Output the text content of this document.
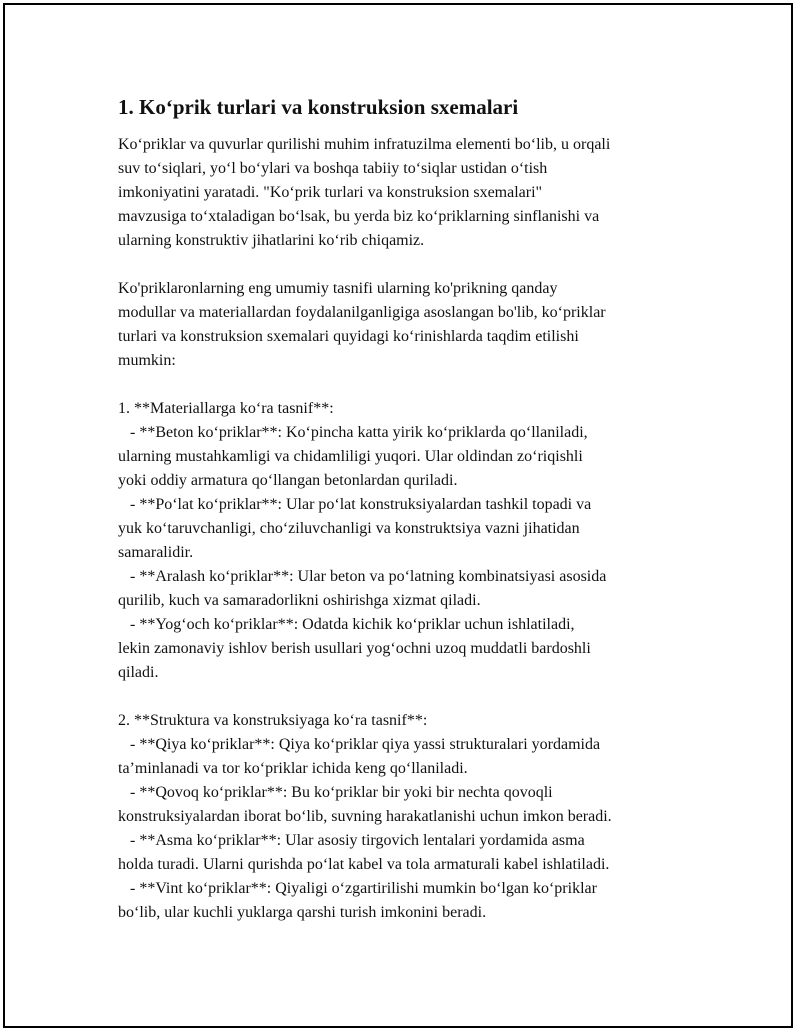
1. Ko‘prik turlari va konstruksion sxemalari
Ko‘priklar va quvurlar qurilishi muhim infratuzilma elementi bo‘lib, u orqali
suv to‘siqlari, yo‘l bo‘ylari va boshqa tabiiy to‘siqlar ustidan o‘tish
imkoniyatini yaratadi. "Ko‘prik turlari va konstruksion sxemalari"
mavzusiga to‘xtaladigan bo‘lsak, bu yerda biz ko‘priklarning sinflanishi va
ularning konstruktiv jihatlarini ko‘rib chiqamiz.
Ko'priklaronlarning eng umumiy tasnifi ularning ko'prikning qanday
modullar va materiallardan foydalanilganligiga asoslangan bo'lib, ko‘priklar
turlari va konstruksion sxemalari quyidagi ko‘rinishlarda taqdim etilishi
mumkin:
1. **Materiallarga ko‘ra tasnif**:
- **Beton ko‘priklar**: Ko‘pincha katta yirik ko‘priklarda qo‘llaniladi,
ularning mustahkamligi va chidamliligi yuqori. Ular oldindan zo‘riqishli
yoki oddiy armatura qo‘llangan betonlardan quriladi.
- **Po‘lat ko‘priklar**: Ular po‘lat konstruksiyalardan tashkil topadi va
yuk ko‘taruvchanligi, cho‘ziluvchanligi va konstruktsiya vazni jihatidan
samaralidir.
- **Aralash ko‘priklar**: Ular beton va po‘latning kombinatsiyasi asosida
qurilib, kuch va samaradorlikni oshirishga xizmat qiladi.
- **Yog‘och ko‘priklar**: Odatda kichik ko‘priklar uchun ishlatiladi,
lekin zamonaviy ishlov berish usullari yog‘ochni uzoq muddatli bardoshli
qiladi.
2. **Struktura va konstruksiyaga ko‘ra tasnif**:
- **Qiya ko‘priklar**: Qiya ko‘priklar qiya yassi strukturalari yordamida
ta’minlanadi va tor ko‘priklar ichida keng qo‘llaniladi.
- **Qovoq ko‘priklar**: Bu ko‘priklar bir yoki bir nechta qovoqli
konstruksiyalardan iborat bo‘lib, suvning harakatlanishi uchun imkon beradi.
- **Asma ko‘priklar**: Ular asosiy tirgovich lentalari yordamida asma
holda turadi. Ularni qurishda po‘lat kabel va tola armaturali kabel ishlatiladi.
- **Vint ko‘priklar**: Qiyaligi o‘zgartirilishi mumkin bo‘lgan ko‘priklar
bo‘lib, ular kuchli yuklarga qarshi turish imkonini beradi.
